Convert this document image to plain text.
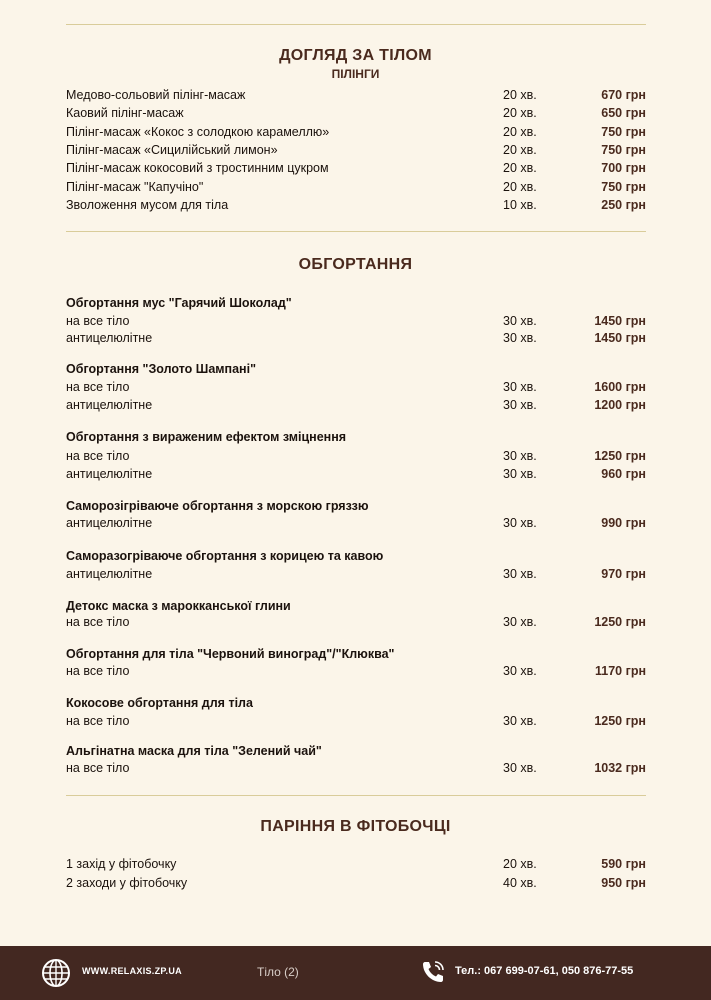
ДОГЛЯД ЗА ТІЛОМ
ПІЛІНГИ
Медово-сольовий пілінг-масаж	20 хв.	670 грн
Каовий пілінг-масаж	20 хв.	650 грн
Пілінг-масаж «Кокос з солодкою карамеллю»	20 хв.	750 грн
Пілінг-масаж «Сицилійський лимон»	20 хв.	750 грн
Пілінг-масаж кокосовий з тростинним цукром	20 хв.	700 грн
Пілінг-масаж "Капучіно"	20 хв.	750 грн
Зволоження мусом для тіла	10 хв.	250 грн
ОБГОРТАННЯ
Обгортання мус "Гарячий Шоколад"
на все тіло	30 хв.	1450 грн
антицелюлітне	30 хв.	1450 грн
Обгортання "Золото Шампані"
на все тіло	30 хв.	1600 грн
антицелюлітне	30 хв.	1200 грн
Обгортання з вираженим ефектом зміцнення
на все тіло	30 хв.	1250 грн
антицелюлітне	30 хв.	960 грн
Саморозігріваюче обгортання з морскою гряззю
антицелюлітне	30 хв.	990 грн
Саморазогріваюче обгортання з корицею та кавою
антицелюлітне	30 хв.	970 грн
Детокс маска з марокканської глини
на все тіло	30 хв.	1250 грн
Обгортання для тіла "Червоний виноград"/"Клюква"
на все тіло	30 хв.	1170 грн
Кокосове обгортання для тіла
на все тіло	30 хв.	1250 грн
Альгінатна маска для тіла "Зелений чай"
на все тіло	30 хв.	1032 грн
ПАРІННЯ В ФІТОБОЧЦІ
1 захід у фітобочку	20 хв.	590 грн
2 заходи у фітобочку	40 хв.	950 грн
WWW.RELAXIS.ZP.UA	Тіло (2)	Тел.: 067 699-07-61, 050 876-77-55
